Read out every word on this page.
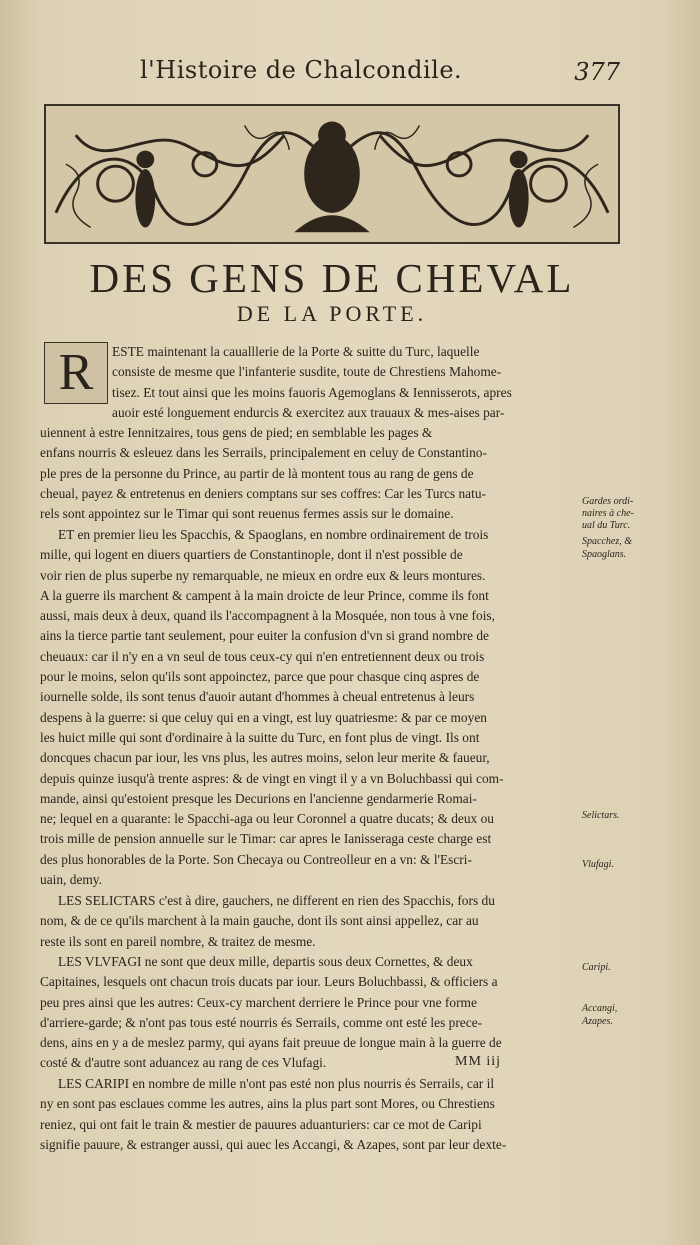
l'Histoire de Chalcondile.	377
DES GENS DE CHEVAL
DE LA PORTE.
R	ESTE maintenant la caualllerie de la Porte & suitte du Turc, laquelle
consiste de mesme que l'infanterie susdite, toute de Chrestiens Mahome-
tisez. Et tout ainsi que les moins fauoris Agemoglans & Iennisserots, apres
auoir esté longuement endurcis & exercitez aux trauaux & mes-aises par-
uiennent à estre Iennitzaires, tous gens de pied; en semblable les pages &
enfans nourris & esleuez dans les Serrails, principalement en celuy de Constantino-
ple pres de la personne du Prince, au partir de là montent tous au rang de gens de
cheual, payez & entretenus en deniers comptans sur ses coffres: Car les Turcs natu-
rels sont appointez sur le Timar qui sont reuenus fermes assis sur le domaine.
ET en premier lieu les Spacchis, & Spaoglans, en nombre ordinairement de trois
mille, qui logent en diuers quartiers de Constantinople, dont il n'est possible de
voir rien de plus superbe ny remarquable, ne mieux en ordre eux & leurs montures.
A la guerre ils marchent & campent à la main droicte de leur Prince, comme ils font
aussi, mais deux à deux, quand ils l'accompagnent à la Mosquée, non tous à vne fois,
ains la tierce partie tant seulement, pour euiter la confusion d'vn si grand nombre de
cheuaux: car il n'y en a vn seul de tous ceux-cy qui n'en entretiennent deux ou trois
pour le moins, selon qu'ils sont appoinctez, parce que pour chasque cinq aspres de
iournelle solde, ils sont tenus d'auoir autant d'hommes à cheual entretenus à leurs
despens à la guerre: si que celuy qui en a vingt, est luy quatriesme: & par ce moyen
les huict mille qui sont d'ordinaire à la suitte du Turc, en font plus de vingt. Ils ont
doncques chacun par iour, les vns plus, les autres moins, selon leur merite & faueur,
depuis quinze iusqu'à trente aspres: & de vingt en vingt il y a vn Boluchbassi qui com-
mande, ainsi qu'estoient presque les Decurions en l'ancienne gendarmerie Romai-
ne; lequel en a quarante: le Spacchi-aga ou leur Coronnel a quatre ducats; & deux ou
trois mille de pension annuelle sur le Timar: car apres le Ianisseraga ceste charge est
des plus honorables de la Porte. Son Checaya ou Contreolleur en a vn: & l'Escri-
uain, demy.
LES SELICTARS c'est à dire, gauchers, ne different en rien des Spacchis, fors du
nom, & de ce qu'ils marchent à la main gauche, dont ils sont ainsi appellez, car au
reste ils sont en pareil nombre, & traitez de mesme.
LES VLVFAGI ne sont que deux mille, departis sous deux Cornettes, & deux
Capitaines, lesquels ont chacun trois ducats par iour. Leurs Boluchbassi, & officiers a
peu pres ainsi que les autres: Ceux-cy marchent derriere le Prince pour vne forme
d'arriere-garde; & n'ont pas tous esté nourris és Serrails, comme ont esté les prece-
dens, ains en y a de meslez parmy, qui ayans fait preuue de longue main à la guerre de
costé & d'autre sont aduancez au rang de ces Vlufagi.
LES CARIPI en nombre de mille n'ont pas esté non plus nourris és Serrails, car il
ny en sont pas esclaues comme les autres, ains la plus part sont Mores, ou Chrestiens
reniez, qui ont fait le train & mestier de pauures aduanturiers: car ce mot de Caripi
signifie pauure, & estranger aussi, qui auec les Accangi, & Azapes, sont par leur dexte-
Gardes ordi-
naires à che-
ual du Turc.
Spacchez, &
Spaoglans.
Selictars.
Vlufagi.
Caripi.
Accangi,
Azapes.
MM iij
